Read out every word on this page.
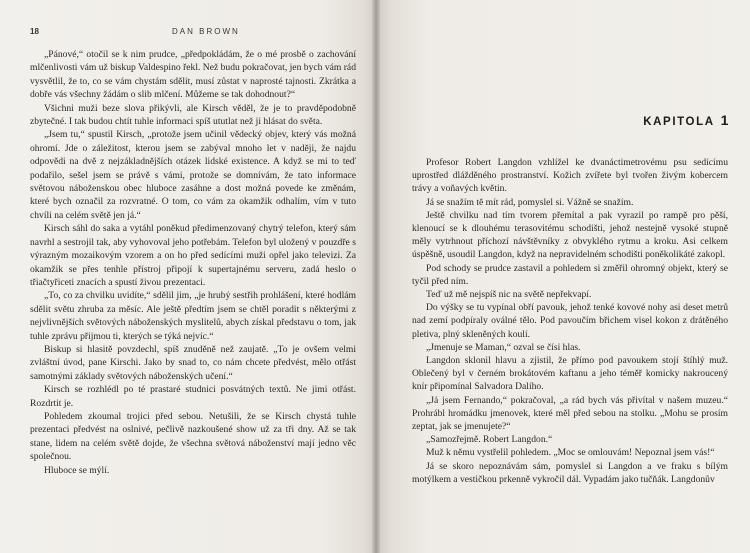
18	DAN BROWN

„Pánové,“ otočil se k nim prudce, „předpokládám, že o mé prosbě o zachování mlčenlivosti vám už biskup Valdespino řekl. Než budu pokračovat, jen bych vám rád vysvětlil, že to, co se vám chystám sdělit, musí zůstat v naprosté tajnosti. Zkrátka a dobře vás všechny žádám o slib mlčení. Můžeme se tak dohodnout?“

Všichni muži beze slova přikývli, ale Kirsch věděl, že je to pravděpodobně zbytečné. I tak budou chtít tuhle informaci spíš ututlat než ji hlásat do světa.

„Jsem tu,“ spustil Kirsch, „protože jsem učinil vědecký objev, který vás možná ohromí. Jde o záležitost, kterou jsem se zabýval mnoho let v naději, že najdu odpovědi na dvě z nejzákladnějších otázek lidské existence. A když se mi to teď podařilo, sešel jsem se právě s vámi, protože se domnívám, že tato informace světovou náboženskou obec hluboce zasáhne a dost možná povede ke změnám, které bych označil za rozvratné. O tom, co vám za okamžik odhalím, vím v tuto chvíli na celém světě jen já.“

Kirsch sáhl do saka a vytáhl poněkud předimenzovaný chytrý telefon, který sám navrhl a sestrojil tak, aby vyhovoval jeho potřebám. Telefon byl uložený v pouzdře s výrazným mozaikovým vzorem a on ho před sedícími muži opřel jako televizi. Za okamžik se přes tenhle přístroj připojí k supertajnému serveru, zadá heslo o třiačtyřiceti znacích a spustí živou prezentaci.

„To, co za chvilku uvidíte,“ sdělil jim, „je hrubý sestřih prohlášení, které hodlám sdělit světu zhruba za měsíc. Ale ještě předtím jsem se chtěl poradit s některými z nejvlivnějších světových náboženských myslitelů, abych získal představu o tom, jak tuhle zprávu přijmou ti, kterých se týká nejvíc.“

Biskup si hlasitě povzdechl, spíš znuděně než zaujatě. „To je ovšem velmi zvláštní úvod, pane Kirschi. Jako by snad to, co nám chcete předvést, mělo otřást samotnými základy světových náboženských učení.“

Kirsch se rozhlédl po té prastaré studnici posvátných textů. Ne jimi otřást. Rozdrtit je.

Pohledem zkoumal trojici před sebou. Netušili, že se Kirsch chystá tuhle prezentaci předvést na oslnivé, pečlivě nazkoušené show už za tři dny. Až se tak stane, lidem na celém světě dojde, že všechna světová náboženství mají jedno věc společnou.

Hlubocе se mýlí.

KAPITOLA 1

Profesor Robert Langdon vzhlížel ke dvanáctimetrovému psu sedícímu uprostřed dlážděného prostranství. Kožich zvířete byl tvořen živým kobercem trávy a voňavých květin.

Já se snažím tě mít rád, pomyslel si. Vážně se snažím.

Ještě chvilku nad tím tvorem přemítal a pak vyrazil po rampě pro pěší, klenoucí se k dlouhému terasovitému schodišti, jehož nestejně vysoké stupně měly vytrhnout příchozí návštěvníky z obvyklého rytmu a kroku. Asi celkem úspěšně, usoudil Langdon, když na nepravidelném schodišti poněkolikáté zakopl.

Pod schody se prudce zastavil a pohledem si změřil ohromný objekt, který se tyčil před ním.

Teď už mě nejspíš nic na světě nepřekvapí.

Do výšky se tu vypínal obří pavouk, jehož tenké kovové nohy asi deset metrů nad zemí podpíraly oválné tělo. Pod pavoučím břichem visel kokon z drátěného pletiva, plný skleněných koulí.

„Jmenuje se Maman,“ ozval se čísi hlas.

Langdon sklonil hlavu a zjistil, že přímo pod pavoukem stojí štíhlý muž. Oblečený byl v černém brokátovém kaftanu a jeho téměř komicky nakroucený knír připomínal Salvadora Dalího.

„Já jsem Fernando,“ pokračoval, „a rád bych vás přivítal v našem muzeu.“ Prohrábl hromádku jmenovek, které měl před sebou na stolku. „Mohu se prosím zeptat, jak se jmenujete?“

„Samozřejmě. Robert Langdon.“

Muž k němu vystřelil pohledem. „Moc se omlouvám! Nepoznal jsem vás!“

Já se skoro nepoznávám sám, pomyslel si Langdon a ve fraku s bílým motýlkem a vestičkou prkenně vykročil dál. Vypadám jako tučňák. Langdonův
